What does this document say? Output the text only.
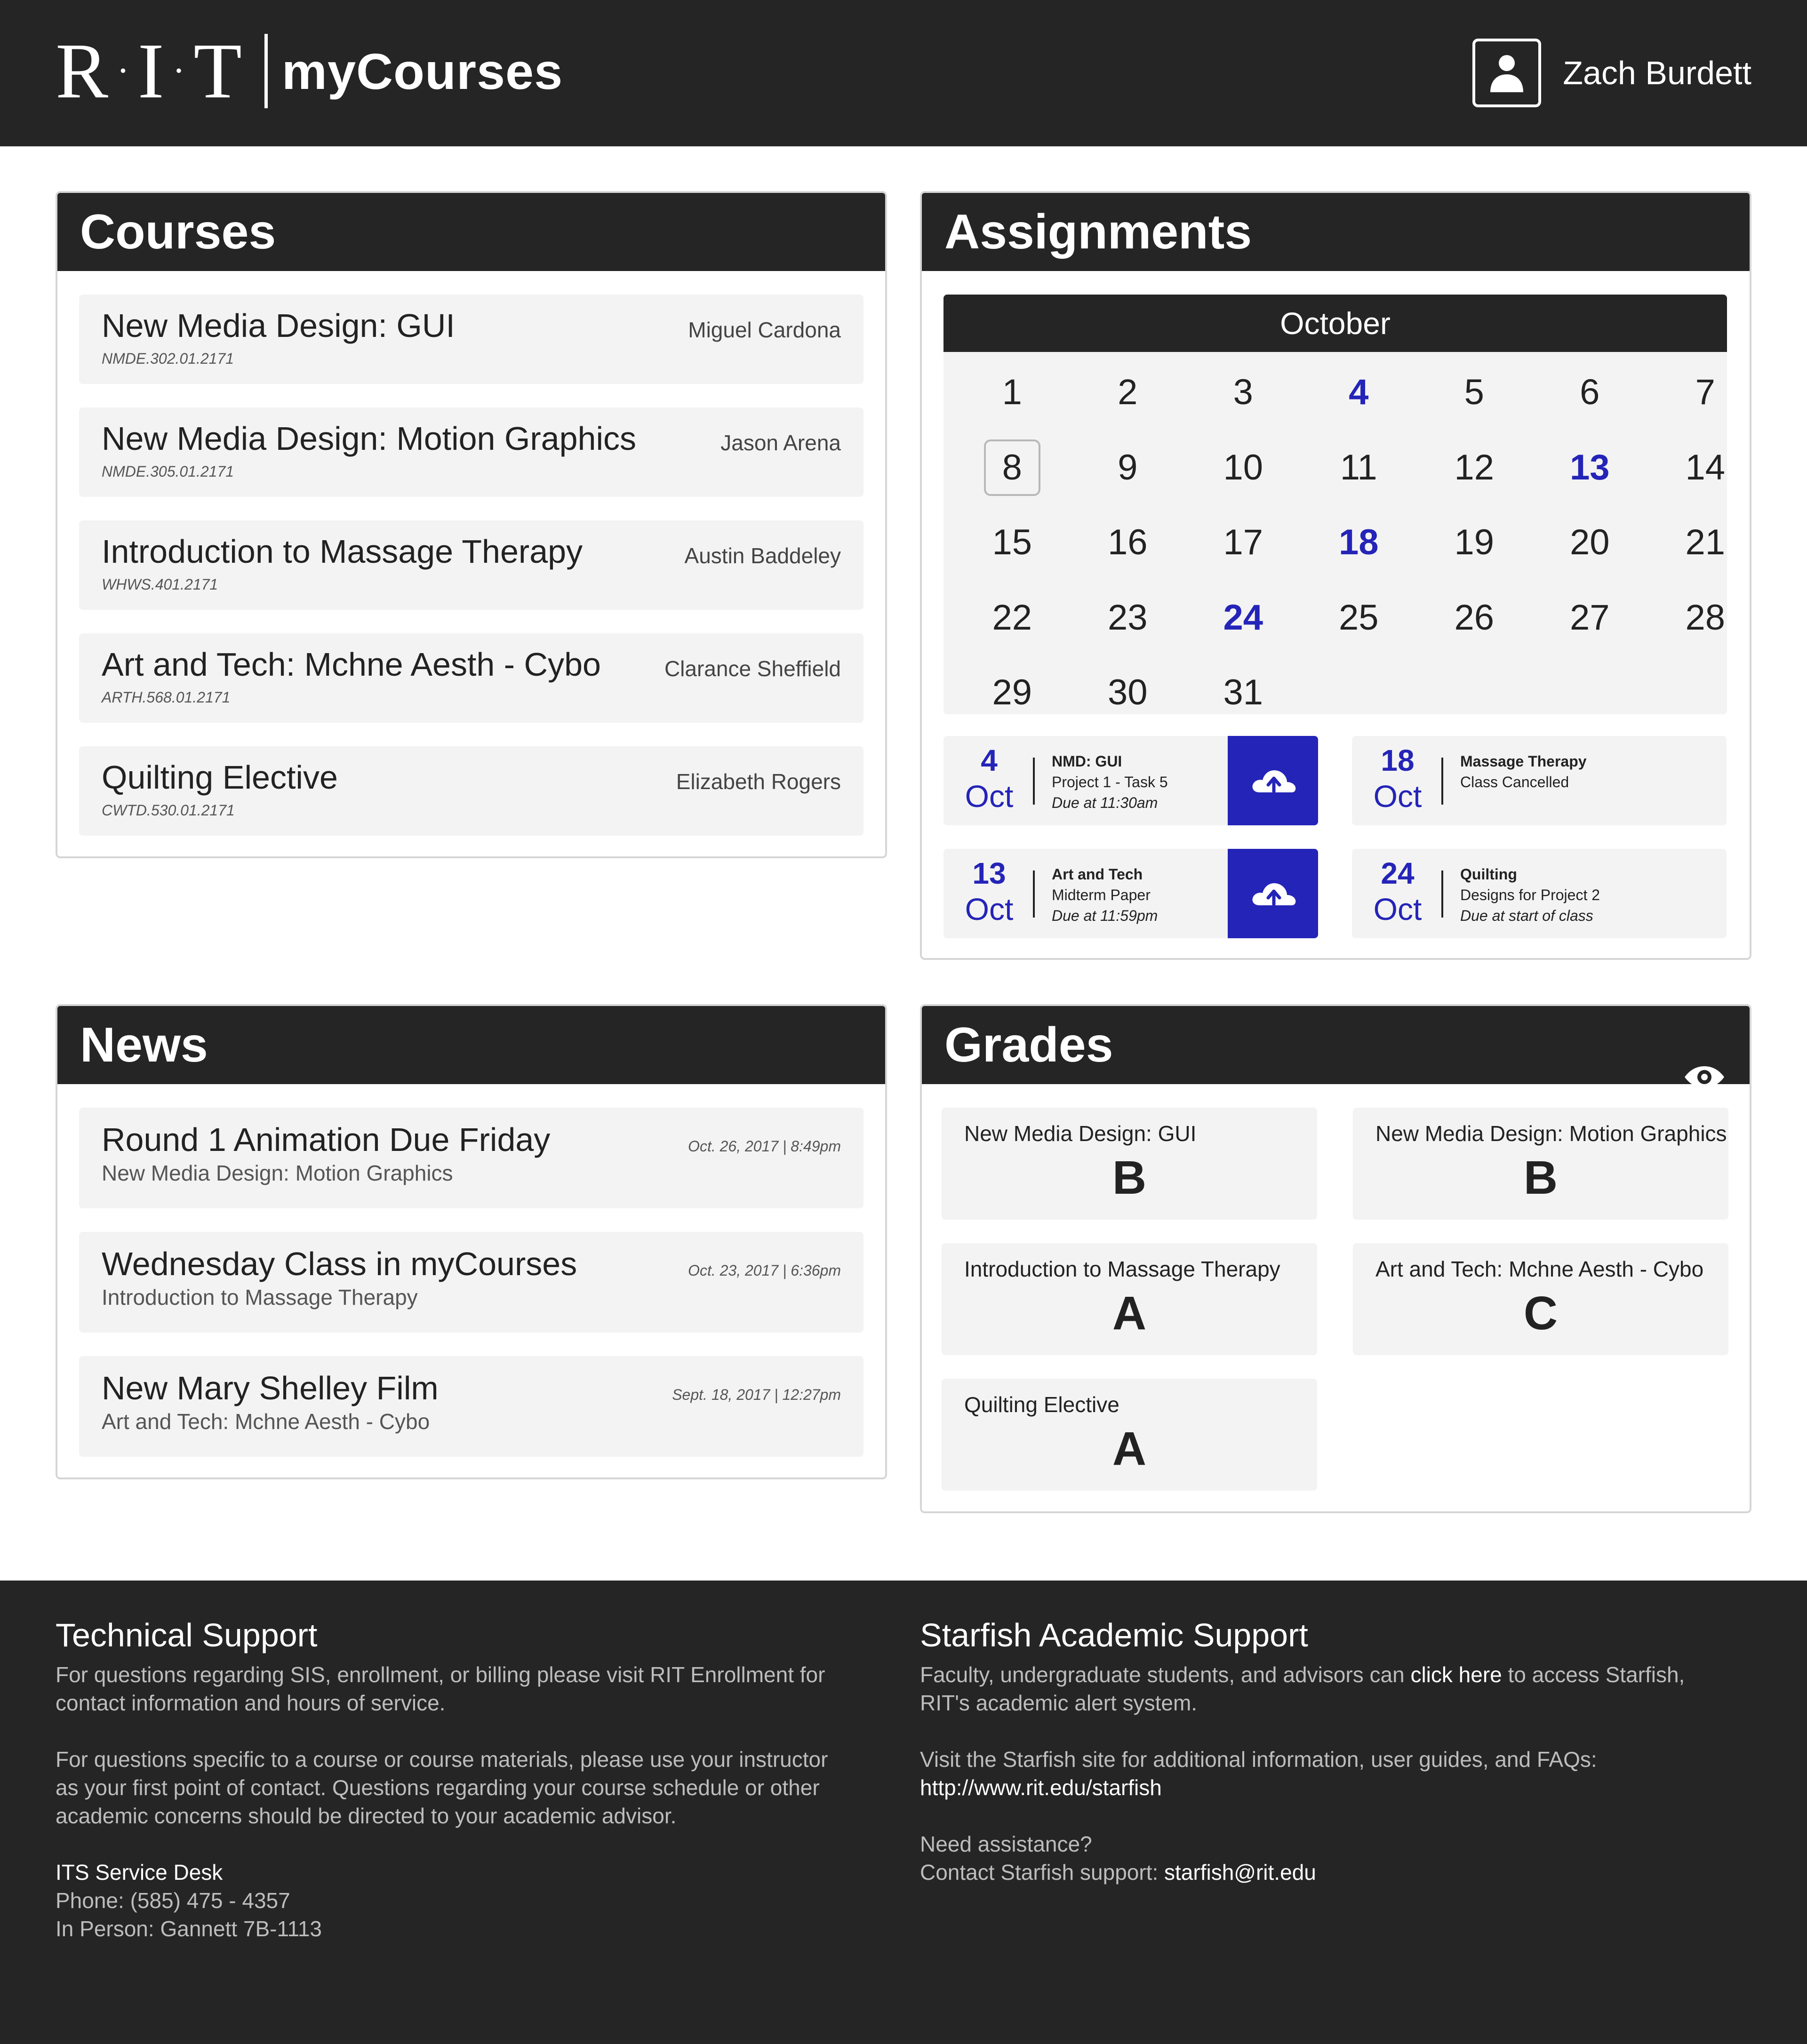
R ·I ·T myCourses	Zach Burdett
Courses
New Media Design: GUI
NMDE.302.01.2171
Miguel Cardona
New Media Design: Motion Graphics
NMDE.305.01.2171
Jason Arena
Introduction to Massage Therapy
WHWS.401.2171
Austin Baddeley
Art and Tech: Mchne Aesth - Cybo
ARTH.568.01.2171
Clarance Sheffield
Quilting Elective
CWTD.530.01.2171
Elizabeth Rogers
Assignments
October
1	2	3	4	5	6	7
8	9	10 11 12 13 14
15 16 17 18 19 20 21
22 23 24 25 26 27 28
29 30 31
4
Oct
NMD: GUI
Project 1 - Task 5
Due at 11:30am
18
Oct
Massage Therapy
Class Cancelled
13
Oct
Art and Tech
Midterm Paper
Due at 11:59pm
24
Oct
Quilting
Designs for Project 2
Due at start of class
News
Round 1 Animation Due Friday
New Media Design: Motion Graphics
Oct. 26, 2017 | 8:49pm
Wednesday Class in myCourses
Introduction to Massage Therapy
Oct. 23, 2017 | 6:36pm
New Mary Shelley Film
Art and Tech: Mchne Aesth - Cybo
Sept. 18, 2017 | 12:27pm
Grades
New Media Design: GUI
B
New Media Design: Motion Graphics
B
Introduction to Massage Therapy
A
Art and Tech: Mchne Aesth - Cybo
C
Quilting Elective
A
Technical Support

For questions regarding SIS, enrollment, or billing please visit RIT Enrollment for contact information and hours of service.

For questions specific to a course or course materials, please use your instructor as your first point of contact. Questions regarding your course schedule or other academic concerns should be directed to your academic advisor.

ITS Service Desk
Phone: (585) 475 - 4357
In Person: Gannett 7B-1113

Starfish Academic Support

Faculty, undergraduate students, and advisors can click here to access Starfish, RIT's academic alert system.

Visit the Starfish site for additional information, user guides, and FAQs:
http://www.rit.edu/starfish

Need assistance?
Contact Starfish support: starfish@rit.edu
